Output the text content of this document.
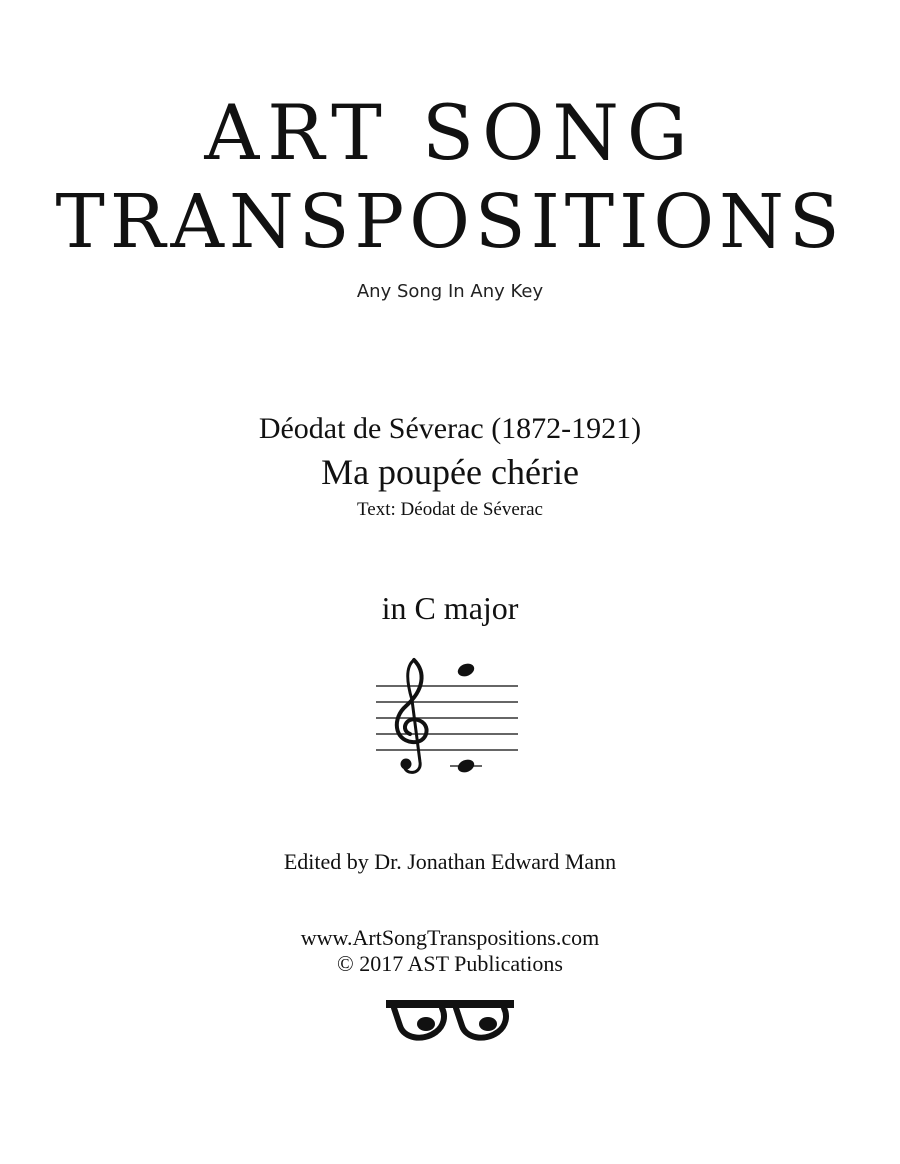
ART SONG
TRANSPOSITIONS
Any Song In Any Key
Déodat de Séverac (1872-1921)
Ma poupée chérie
Text: Déodat de Séverac
in C major
Edited by Dr. Jonathan Edward Mann
www.ArtSongTranspositions.com
© 2017 AST Publications
